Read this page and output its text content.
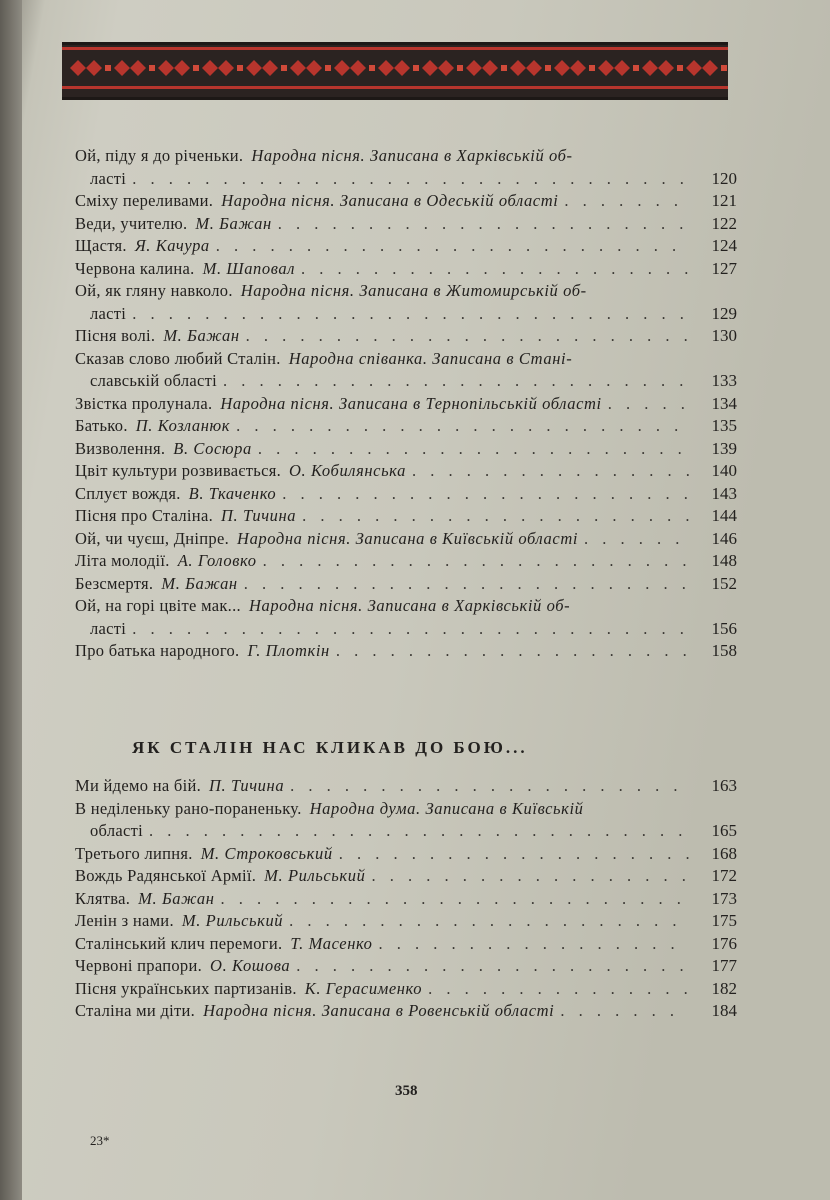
Ой, піду я до річеньки. Народна пісня. Записана в Харківській об-
ласті . . .	120
Сміху переливами. Народна пісня. Записана в Одеській області . . .	121
Веди, учителю. М. Бажан . . .	122
Щастя. Я. Качура . . .	124
Червона калина. М. Шаповал . . .	127
Ой, як гляну навколо. Народна пісня. Записана в Житомирській об-
ласті . . .	129
Пісня волі. М. Бажан . . .	130
Сказав слово любий Сталін. Народна співанка. Записана в Стані-
славській області . . .	133
Звістка пролунала. Народна пісня. Записана в Тернопільській області . . .	134
Батько. П. Козланюк . . .	135
Визволення. В. Сосюра . . .	139
Цвіт культури розвивається. О. Кобилянська . . .	140
Сплуєт вождя. В. Ткаченко . . .	143
Пісня про Сталіна. П. Тичина . . .	144
Ой, чи чуєш, Дніпре. Народна пісня. Записана в Київській області . . .	146
Літа молодії. А. Головко . . .	148
Безсмертя. М. Бажан . . .	152
Ой, на горі цвіте мак... Народна пісня. Записана в Харківській об-
ласті . . .	156
Про батька народного. Г. Плоткін . . .	158
ЯК СТАЛІН НАС КЛИКАВ ДО БОЮ...
Ми йдемо на бій. П. Тичина . . .	163
В неділеньку рано-пораненьку. Народна дума. Записана в Київській
області . . .	165
Третього липня. М. Строковський . . .	168
Вождь Радянської Армії. М. Рильський . . .	172
Клятва. М. Бажан . . .	173
Ленін з нами. М. Рильський . . .	175
Сталінський клич перемоги. Т. Масенко . . .	176
Червоні прапори. О. Кошова . . .	177
Пісня українських партизанів. К. Герасименко . . .	182
Сталіна ми діти. Народна пісня. Записана в Ровенській області . . .	184
358
23*
